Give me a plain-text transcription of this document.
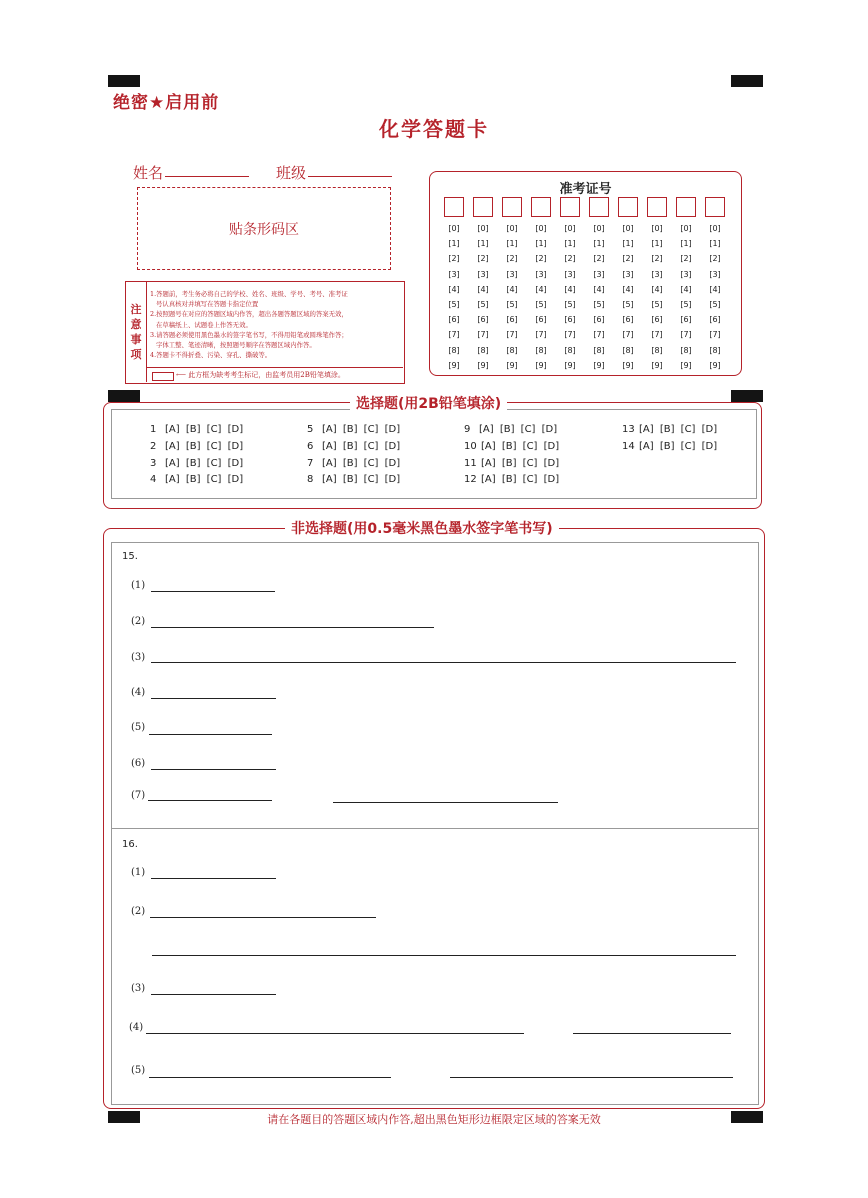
绝密★启用前
化学答题卡
姓名	班级
贴条形码区
注
意
事
项
1.答题前，考生务必将自己的学校、姓名、班级、学号、考号、准考证
号认真核对并填写在答题卡指定位置
2.按照题号在对应的答题区域内作答，超出各题答题区域的答案无效，
在草稿纸上、试题卷上作答无效。
3.请答题必须使用黑色墨水的签字笔书写，不得用铅笔或圆珠笔作答；
字体工整、笔迹清晰，按照题号顺序在答题区域内作答。
4.答题卡不得折叠、污染、穿孔、撕破等。
⟵ 此方框为缺考考生标记，由监考员用2B铅笔填涂。
准考证号
[0]
[1]
[2]
[3]
[4]
[5]
[6]
[7]
[8]
[9]
[0]
[1]
[2]
[3]
[4]
[5]
[6]
[7]
[8]
[9]
[0]
[1]
[2]
[3]
[4]
[5]
[6]
[7]
[8]
[9]
[0]
[1]
[2]
[3]
[4]
[5]
[6]
[7]
[8]
[9]
[0]
[1]
[2]
[3]
[4]
[5]
[6]
[7]
[8]
[9]
[0]
[1]
[2]
[3]
[4]
[5]
[6]
[7]
[8]
[9]
[0]
[1]
[2]
[3]
[4]
[5]
[6]
[7]
[8]
[9]
[0]
[1]
[2]
[3]
[4]
[5]
[6]
[7]
[8]
[9]
[0]
[1]
[2]
[3]
[4]
[5]
[6]
[7]
[8]
[9]
[0]
[1]
[2]
[3]
[4]
[5]
[6]
[7]
[8]
[9]
选择题(用2B铅笔填涂)
1 [A] [B] [C] [D]
2 [A] [B] [C] [D]
3 [A] [B] [C] [D]
4 [A] [B] [C] [D]
5 [A] [B] [C] [D]
6 [A] [B] [C] [D]
7 [A] [B] [C] [D]
8 [A] [B] [C] [D]
9 [A] [B] [C] [D]
10 [A] [B] [C] [D]
11 [A] [B] [C] [D]
12 [A] [B] [C] [D]
13 [A] [B] [C] [D]
14 [A] [B] [C] [D]
非选择题(用0.5毫米黑色墨水签字笔书写)
15.
(1)
(2)
(3)
(4)
(5)
(6)
(7)
16.
(1)
(2)
(3)
(4)
(5)
请在各题目的答题区域内作答,超出黑色矩形边框限定区域的答案无效
